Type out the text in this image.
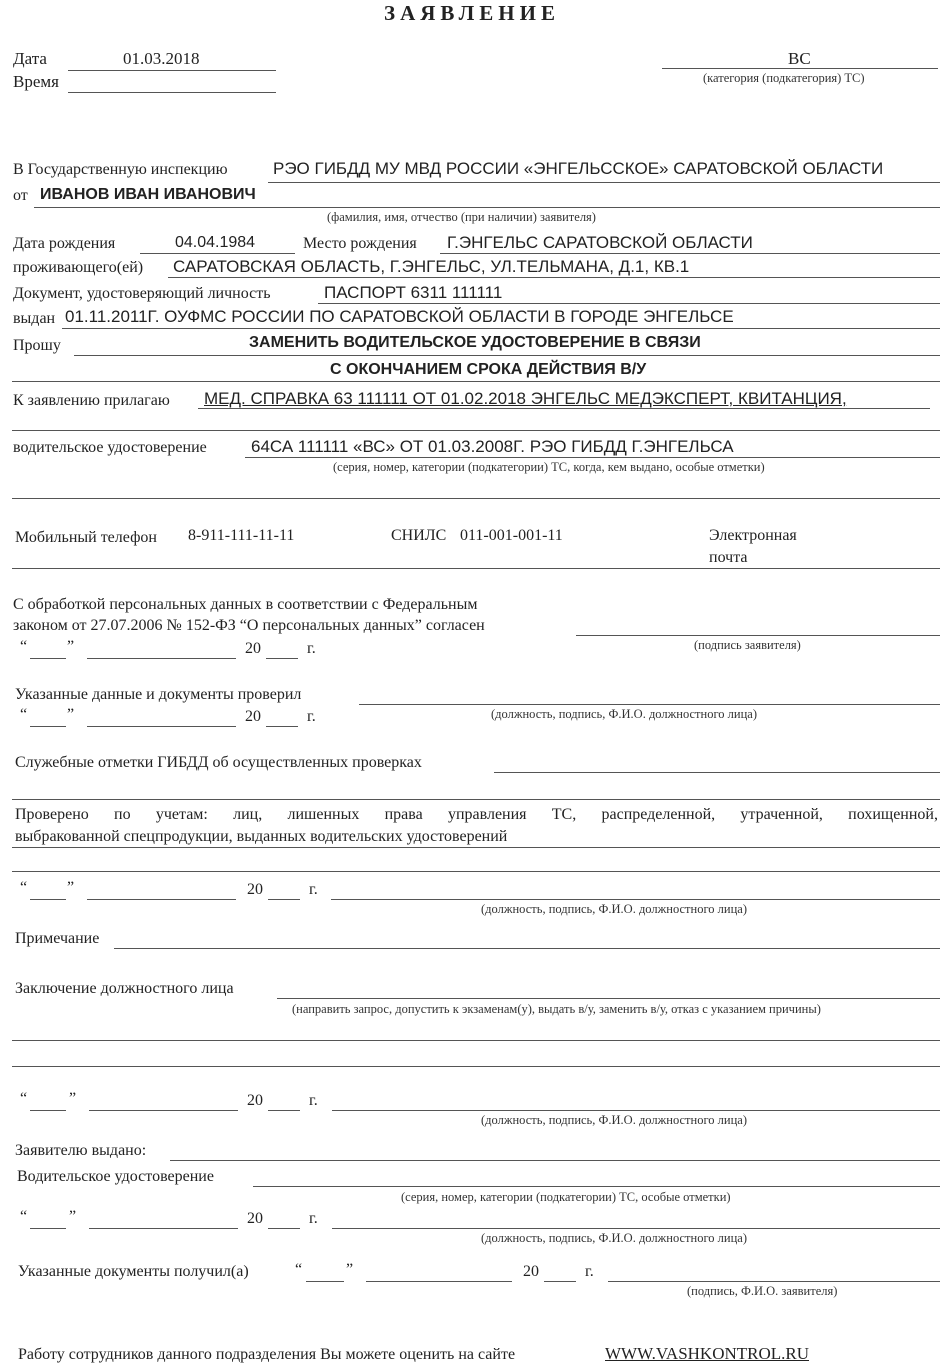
ЗАЯВЛЕНИЕ
Дата	01.03.2018
Время
ВС
(категория (подкатегория) ТС)
В Государственную инспекцию	РЭО ГИБДД МУ МВД РОССИИ «ЭНГЕЛЬССКОЕ» САРАТОВСКОЙ ОБЛАСТИ
от ИВАНОВ ИВАН ИВАНОВИЧ
(фамилия, имя, отчество (при наличии) заявителя)
Дата рождения	04.04.1984	Место рождения Г.ЭНГЕЛЬС САРАТОВСКОЙ ОБЛАСТИ
проживающего(ей) САРАТОВСКАЯ ОБЛАСТЬ, Г.ЭНГЕЛЬС, УЛ.ТЕЛЬМАНА, Д.1, КВ.1
Документ, удостоверяющий личность	ПАСПОРТ 6311 111111
выдан 01.11.2011Г. ОУФМС РОССИИ ПО САРАТОВСКОЙ ОБЛАСТИ В ГОРОДЕ ЭНГЕЛЬСЕ
Прошу	ЗАМЕНИТЬ ВОДИТЕЛЬСКОЕ УДОСТОВЕРЕНИЕ В СВЯЗИ
С ОКОНЧАНИЕМ СРОКА ДЕЙСТВИЯ В/У
К заявлению прилагаю МЕД. СПРАВКА 63 111111 ОТ 01.02.2018 ЭНГЕЛЬС МЕДЭКСПЕРТ, КВИТАНЦИЯ,
водительское удостоверение	64СА 111111 «ВС» ОТ 01.03.2008Г. РЭО ГИБДД Г.ЭНГЕЛЬСА
(серия, номер, категории (подкатегории) ТС, когда, кем выдано, особые отметки)
Мобильный телефон 8-911-111-11-11	СНИЛС 011-001-001-11	Электронная
почта
С обработкой персональных данных в соответствии с Федеральным
законом от 27.07.2006 № 152-ФЗ “О персональных данных” согласен
(подпись заявителя)
“ ”	20	г.
Указанные данные и документы проверил
“ ”	20	г.	(должность, подпись, Ф.И.О. должностного лица)
Служебные отметки ГИБДД об осуществленных проверках
Проверено по учетам: лиц, лишенных права управления ТС, распределенной, утраченной, похищенной,
выбракованной спецпродукции, выданных водительских удостоверений
“ ”	20	г.
(должность, подпись, Ф.И.О. должностного лица)
Примечание
Заключение должностного лица
(направить запрос, допустить к экзаменам(у), выдать в/у, заменить в/у, отказ с указанием причины)
“	”	20	г.
(должность, подпись, Ф.И.О. должностного лица)
Заявителю выдано:
Водительское удостоверение
(серия, номер, категории (подкатегории) ТС, особые отметки)
“	”	20	г.
(должность, подпись, Ф.И.О. должностного лица)
Указанные документы получил(а)	“	”	20	г.
(подпись, Ф.И.О. заявителя)
Работу сотрудников данного подразделения Вы можете оценить на сайте	WWW.VASHKONTROL.RU
